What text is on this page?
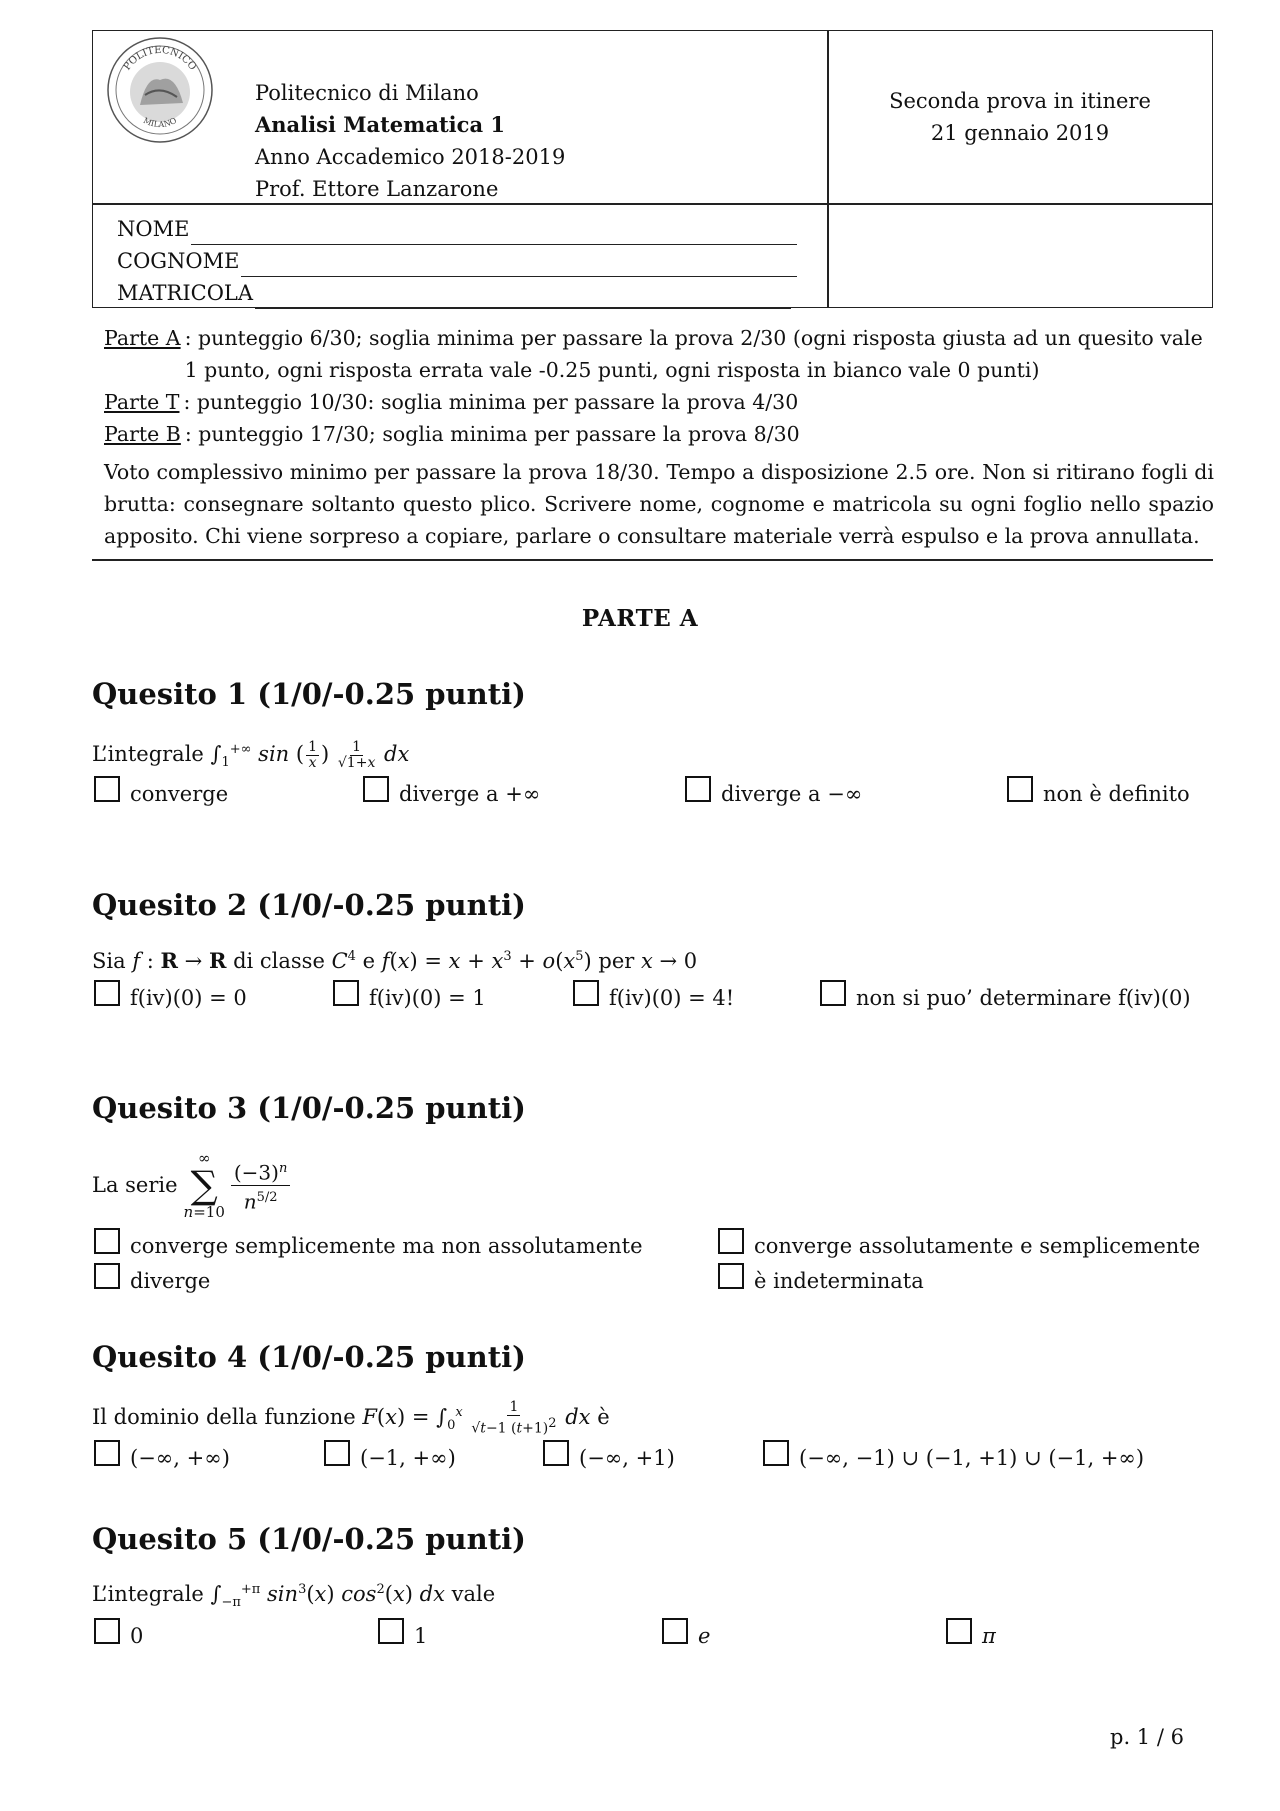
POLITECNICO
MILANO
Politecnico di Milano
Analisi Matematica 1
Anno Accademico 2018-2019
Prof. Ettore Lanzarone
Seconda prova in itinere
21 gennaio 2019
NOME
COGNOME
MATRICOLA
Parte A : punteggio 6/30; soglia minima per passare la prova 2/30 (ogni risposta giusta ad un quesito vale 1 punto, ogni risposta errata vale -0.25 punti, ogni risposta in bianco vale 0 punti)
Parte T : punteggio 10/30: soglia minima per passare la prova 4/30
Parte B : punteggio 17/30; soglia minima per passare la prova 8/30
Voto complessivo minimo per passare la prova 18/30. Tempo a disposizione 2.5 ore. Non si ritirano fogli di brutta: consegnare soltanto questo plico. Scrivere nome, cognome e matricola su ogni foglio nello spazio apposito. Chi viene sorpreso a copiare, parlare o consultare materiale verrà espulso e la prova annullata.
PARTE A
Quesito 1 (1/0/-0.25 punti)
L’integrale $\int_1^{+\infty}$ sin ( $\frac{1}{x}$ ) $\frac{1}{√1+x}$ dx
converge	diverge a +∞	diverge a −∞	non è definito
Quesito 2 (1/0/-0.25 punti)
Sia f : R → R di classe $C^4$ e $f(x) = x + x^3 + o(x^5)$ per x → 0
f(iv)(0) = 0	f(iv)(0) = 1	f(iv)(0) = 4!	non si puo’ determinare f(iv)(0)
Quesito 3 (1/0/-0.25 punti)
La serie
∞
∑
n=10
$(-3)^n$
$n^{5/2}$
converge semplicemente ma non assolutamente	converge assolutamente e semplicemente
diverge	è indeterminata
Quesito 4 (1/0/-0.25 punti)
Il dominio della funzione $F(x) = \int_0^x \frac{1}{√t-1 (t+1)^2}$ dx è
(−∞, +∞)	(−1, +∞)	(−∞, +1)	(−∞, −1) ∪ (−1, +1) ∪ (−1, +∞)
Quesito 5 (1/0/-0.25 punti)
L’integrale $\int_{-\pi}^{+\pi}$ $\sin^3(x)$ $\cos^2(x)$ dx vale
0	1	e	π
p. 1 / 6
